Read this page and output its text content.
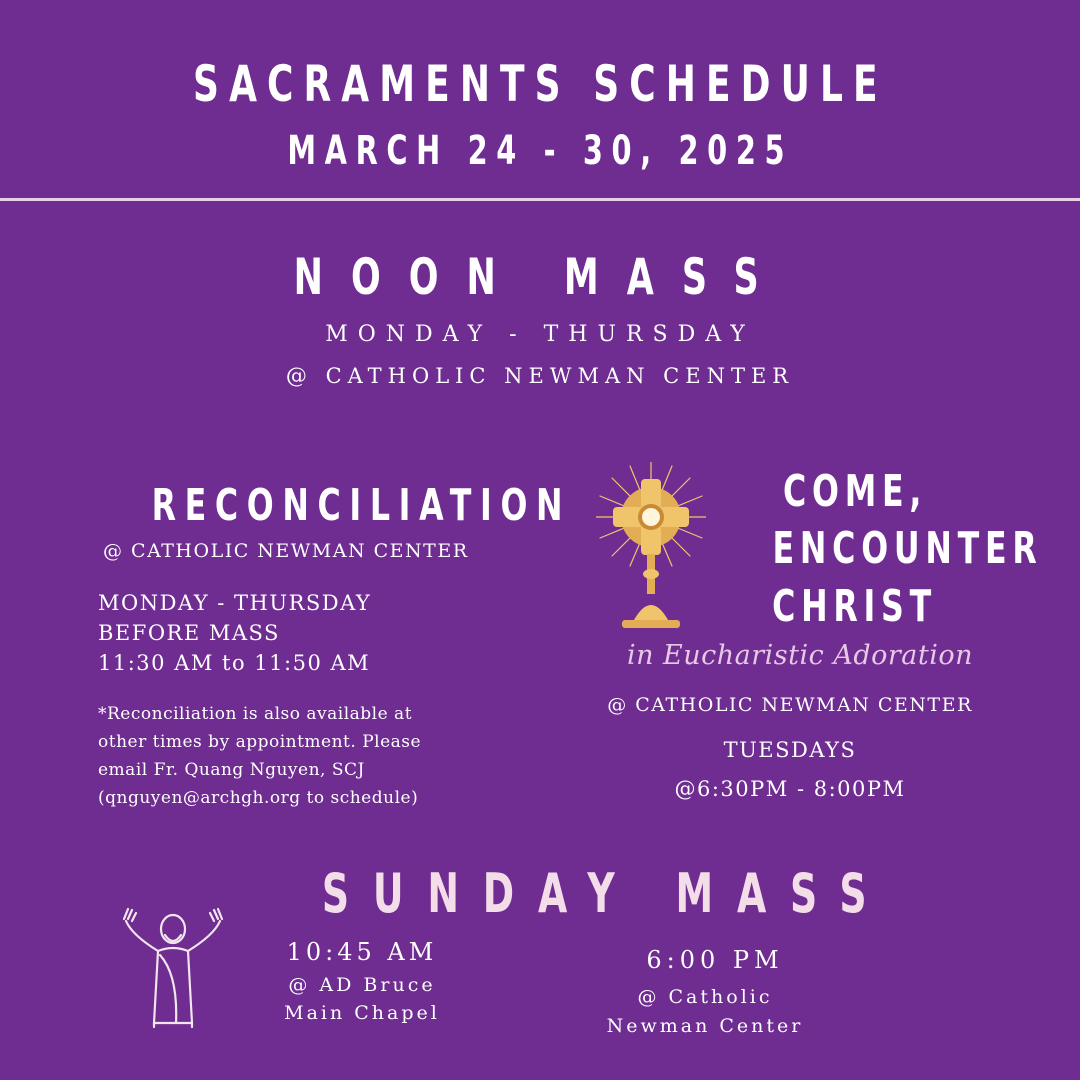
SACRAMENTS SCHEDULE
MARCH 24 - 30, 2025
NOON MASS
MONDAY - THURSDAY
@ CATHOLIC NEWMAN CENTER
RECONCILIATION
@ CATHOLIC NEWMAN CENTER
MONDAY - THURSDAY
BEFORE MASS
11:30 AM to 11:50 AM
*Reconciliation is also available at
other times by appointment. Please
email Fr. Quang Nguyen, SCJ
(qnguyen@archgh.org to schedule)
COME,
ENCOUNTER
CHRIST
in Eucharistic Adoration
@ CATHOLIC NEWMAN CENTER
TUESDAYS
@6:30PM - 8:00PM
SUNDAY MASS
10:45 AM
@ AD Bruce
Main Chapel
6:00 PM
@ Catholic
Newman Center
